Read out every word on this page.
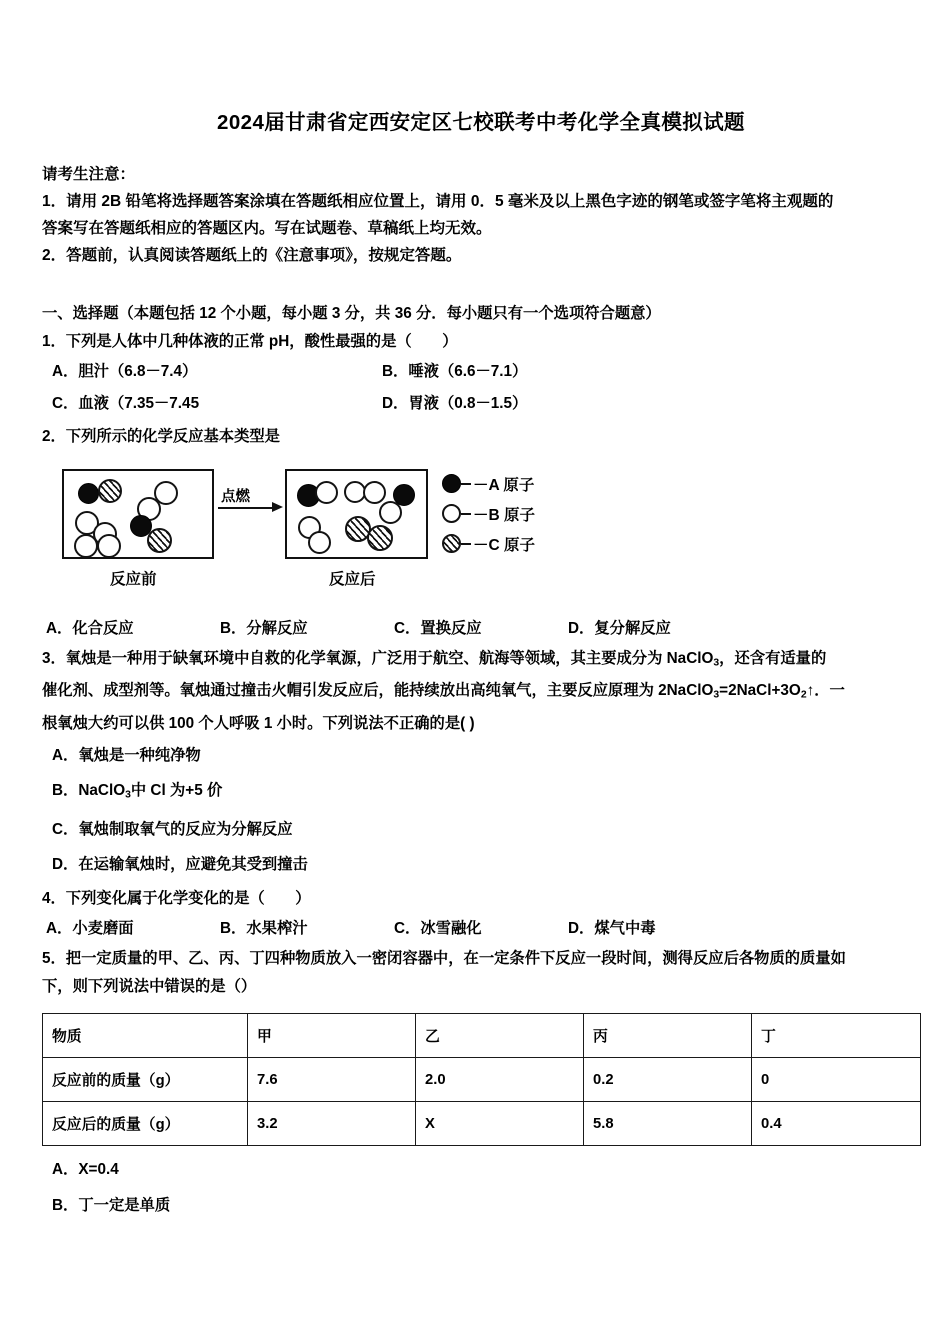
2024届甘肃省定西安定区七校联考中考化学全真模拟试题

请考生注意：

1．请用 2B 铅笔将选择题答案涂填在答题纸相应位置上，请用 0．5 毫米及以上黑色字迹的钢笔或签字笔将主观题的

答案写在答题纸相应的答题区内。写在试题卷、草稿纸上均无效。

2．答题前，认真阅读答题纸上的《注意事项》，按规定答题。

一、选择题（本题包括 12 个小题，每小题 3 分，共 36 分．每小题只有一个选项符合题意）
1．下列是人体中几种体液的正常 pH，酸性最强的是（　　）
A．胆汁（6.8－7.4）	B．唾液（6.6－7.1）
C．血液（7.35－7.45	D．胃液（0.8－1.5）
2．下列所示的化学反应基本类型是
点燃
反应前	反应后
－A 原子
－B 原子
－C 原子
A．化合反应	B．分解反应	C．置换反应	D．复分解反应
3．氧烛是一种用于缺氧环境中自救的化学氧源，广泛用于航空、航海等领域，其主要成分为 NaClO$_3$，还含有适量的
催化剂、成型剂等。氧烛通过撞击火帽引发反应后，能持续放出高纯氧气，主要反应原理为 $2NaClO_3=2NaCl+3O_2↑$．一
根氧烛大约可以供 100 个人呼吸 1 小时。下列说法不正确的是( )
A．氧烛是一种纯净物
B．NaClO$_3$中 Cl 为+5 价
C．氧烛制取氧气的反应为分解反应
D．在运输氧烛时，应避免其受到撞击
4．下列变化属于化学变化的是（　　）
A．小麦磨面	B．水果榨汁	C．冰雪融化	D．煤气中毒
5．把一定质量的甲、乙、丙、丁四种物质放入一密闭容器中，在一定条件下反应一段时间，测得反应后各物质的质量如
下，则下列说法中错误的是（）
物质	甲	乙	丙	丁
反应前的质量（g）	7.6	2.0	0.2	0
反应后的质量（g）	3.2	X	5.8	0.4
A．X=0.4
B．丁一定是单质
